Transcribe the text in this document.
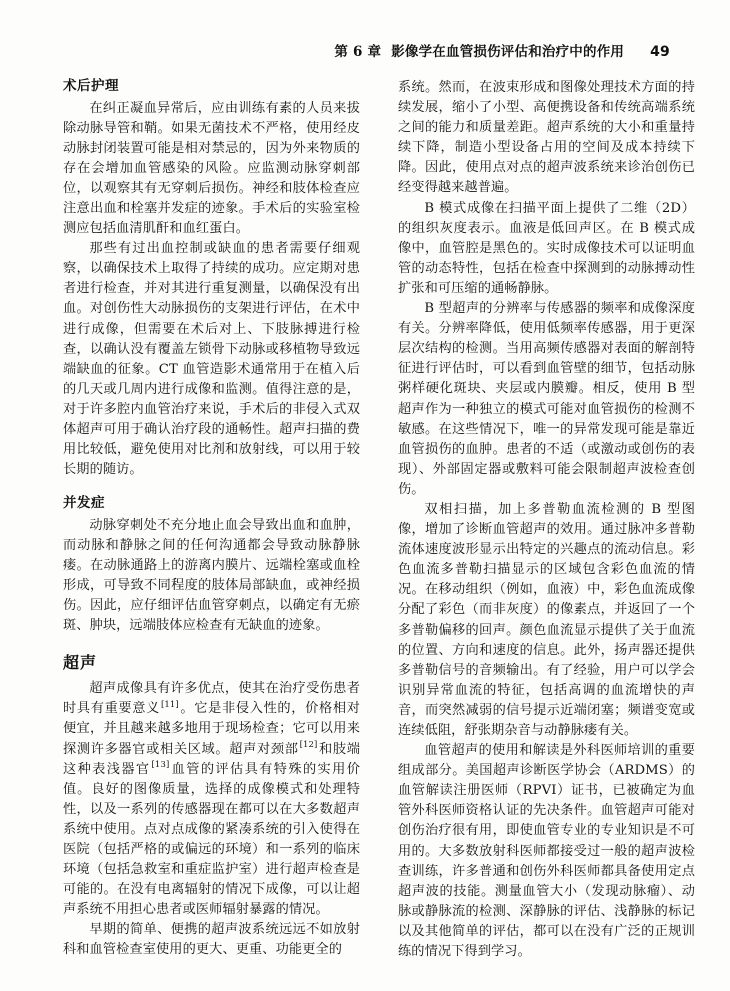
第 6 章 影像学在血管损伤评估和治疗中的作用 49
术后护理

在纠正凝血异常后，应由训练有素的人员来拔除动脉导管和鞘。如果无菌技术不严格，使用经皮动脉封闭装置可能是相对禁忌的，因为外来物质的存在会增加血管感染的风险。应监测动脉穿刺部位，以观察其有无穿刺后损伤。神经和肢体检查应注意出血和栓塞并发症的迹象。手术后的实验室检测应包括血清肌酐和血红蛋白。

那些有过出血控制或缺血的患者需要仔细观察，以确保技术上取得了持续的成功。应定期对患者进行检查，并对其进行重复测量，以确保没有出血。对创伤性大动脉损伤的支架进行评估，在术中进行成像，但需要在术后对上、下肢脉搏进行检查，以确认没有覆盖左锁骨下动脉或移植物导致远端缺血的征象。CT 血管造影术通常用于在植入后的几天或几周内进行成像和监测。值得注意的是，对于许多腔内血管治疗来说，手术后的非侵入式双体超声可用于确认治疗段的通畅性。超声扫描的费用比较低，避免使用对比剂和放射线，可以用于较长期的随访。

并发症

动脉穿刺处不充分地止血会导致出血和血肿，而动脉和静脉之间的任何沟通都会导致动脉静脉瘘。在动脉通路上的游离内膜片、远端栓塞或血栓形成，可导致不同程度的肢体局部缺血，或神经损伤。因此，应仔细评估血管穿刺点，以确定有无瘀斑、肿块，远端肢体应检查有无缺血的迹象。

超声

超声成像具有许多优点，使其在治疗受伤患者时具有重要意义[11]。它是非侵入性的，价格相对便宜，并且越来越多地用于现场检查；它可以用来探测许多器官或相关区域。超声对颈部[12]和肢端这种表浅器官[13]血管的评估具有特殊的实用价值。良好的图像质量，选择的成像模式和处理特性，以及一系列的传感器现在都可以在大多数超声系统中使用。点对点成像的紧凑系统的引入使得在医院（包括严格的或偏远的环境）和一系列的临床环境（包括急救室和重症监护室）进行超声检查是可能的。在没有电离辐射的情况下成像，可以让超声系统不用担心患者或医师辐射暴露的情况。

早期的简单、便携的超声波系统远远不如放射科和血管检查室使用的更大、更重、功能更全的

系统。然而，在波束形成和图像处理技术方面的持续发展，缩小了小型、高便携设备和传统高端系统之间的能力和质量差距。超声系统的大小和重量持续下降，制造小型设备占用的空间及成本持续下降。因此，使用点对点的超声波系统来诊治创伤已经变得越来越普遍。

B 模式成像在扫描平面上提供了二维（2D）的组织灰度表示。血液是低回声区。在 B 模式成像中，血管腔是黑色的。实时成像技术可以证明血管的动态特性，包括在检查中探测到的动脉搏动性扩张和可压缩的通畅静脉。

B 型超声的分辨率与传感器的频率和成像深度有关。分辨率降低，使用低频率传感器，用于更深层次结构的检测。当用高频传感器对表面的解剖特征进行评估时，可以看到血管壁的细节，包括动脉粥样硬化斑块、夹层或内膜瓣。相反，使用 B 型超声作为一种独立的模式可能对血管损伤的检测不敏感。在这些情况下，唯一的异常发现可能是靠近血管损伤的血肿。患者的不适（或激动或创伤的表现）、外部固定器或敷料可能会限制超声波检查创伤。

双相扫描，加上多普勒血流检测的 B 型图像，增加了诊断血管超声的效用。通过脉冲多普勒流体速度波形显示出特定的兴趣点的流动信息。彩色血流多普勒扫描显示的区域包含彩色血流的情况。在移动组织（例如，血液）中，彩色血流成像分配了彩色（而非灰度）的像素点，并返回了一个多普勒偏移的回声。颜色血流显示提供了关于血流的位置、方向和速度的信息。此外，扬声器还提供多普勒信号的音频输出。有了经验，用户可以学会识别异常血流的特征，包括高调的血流增快的声音，而突然减弱的信号提示近端闭塞；频谱变宽或连续低阻，舒张期杂音与动静脉瘘有关。

血管超声的使用和解读是外科医师培训的重要组成部分。美国超声诊断医学协会（ARDMS）的血管解读注册医师（RPVI）证书，已被确定为血管外科医师资格认证的先决条件。血管超声可能对创伤治疗很有用，即使血管专业的专业知识是不可用的。大多数放射科医师都接受过一般的超声波检查训练，许多普通和创伤外科医师都具备使用定点超声波的技能。测量血管大小（发现动脉瘤）、动脉或静脉流的检测、深静脉的评估、浅静脉的标记以及其他简单的评估，都可以在没有广泛的正规训练的情况下得到学习。
